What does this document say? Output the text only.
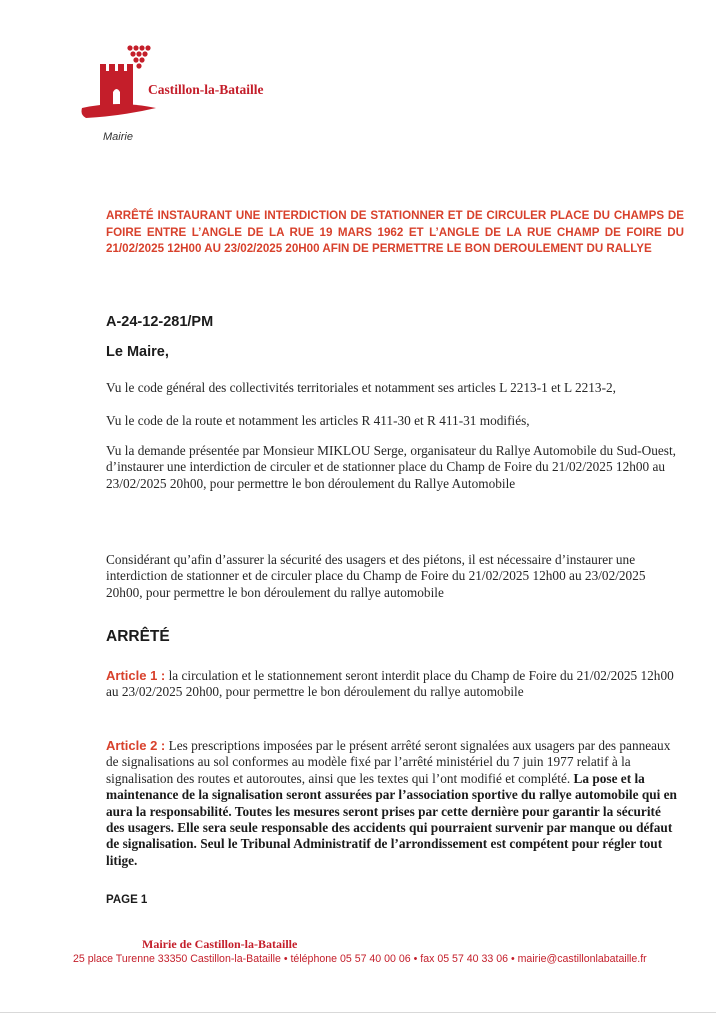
Castillon-la-Bataille
Mairie
ARRÊTÉ INSTAURANT UNE INTERDICTION DE STATIONNER ET DE CIRCULER PLACE DU CHAMPS DE FOIRE ENTRE L’ANGLE DE LA RUE 19 MARS 1962 ET L’ANGLE DE LA RUE CHAMP DE FOIRE DU 21/02/2025 12H00 AU 23/02/2025 20H00 AFIN DE PERMETTRE LE BON DEROULEMENT DU RALLYE
A-24-12-281/PM
Le Maire,
Vu le code général des collectivités territoriales et notamment ses articles L 2213-1 et L 2213-2,
Vu le code de la route et notamment les articles R 411-30 et R 411-31 modifiés,
Vu la demande présentée par Monsieur MIKLOU Serge, organisateur du Rallye Automobile du Sud-Ouest, d’instaurer une interdiction de circuler et de stationner place du Champ de Foire du 21/02/2025 12h00 au 23/02/2025 20h00, pour permettre le bon déroulement du Rallye Automobile
Considérant qu’afin d’assurer la sécurité des usagers et des piétons, il est nécessaire d’instaurer une interdiction de stationner et de circuler place du Champ de Foire du 21/02/2025 12h00 au 23/02/2025 20h00, pour permettre le bon déroulement du rallye automobile
ARRÊTÉ
Article 1 : la circulation et le stationnement seront interdit place du Champ de Foire du 21/02/2025 12h00 au 23/02/2025 20h00, pour permettre le bon déroulement du rallye automobile
Article 2 : Les prescriptions imposées par le présent arrêté seront signalées aux usagers par des panneaux de signalisations au sol conformes au modèle fixé par l’arrêté ministériel du 7 juin 1977 relatif à la signalisation des routes et autoroutes, ainsi que les textes qui l’ont modifié et complété. La pose et la maintenance de la signalisation seront assurées par l’association sportive du rallye automobile qui en aura la responsabilité. Toutes les mesures seront prises par cette dernière pour garantir la sécurité des usagers. Elle sera seule responsable des accidents qui pourraient survenir par manque ou défaut de signalisation. Seul le Tribunal Administratif de l’arrondissement est compétent pour régler tout litige.
PAGE 1
Mairie de Castillon-la-Bataille
25 place Turenne 33350 Castillon-la-Bataille • téléphone 05 57 40 00 06 • fax 05 57 40 33 06 • mairie@castillonlabataille.fr
